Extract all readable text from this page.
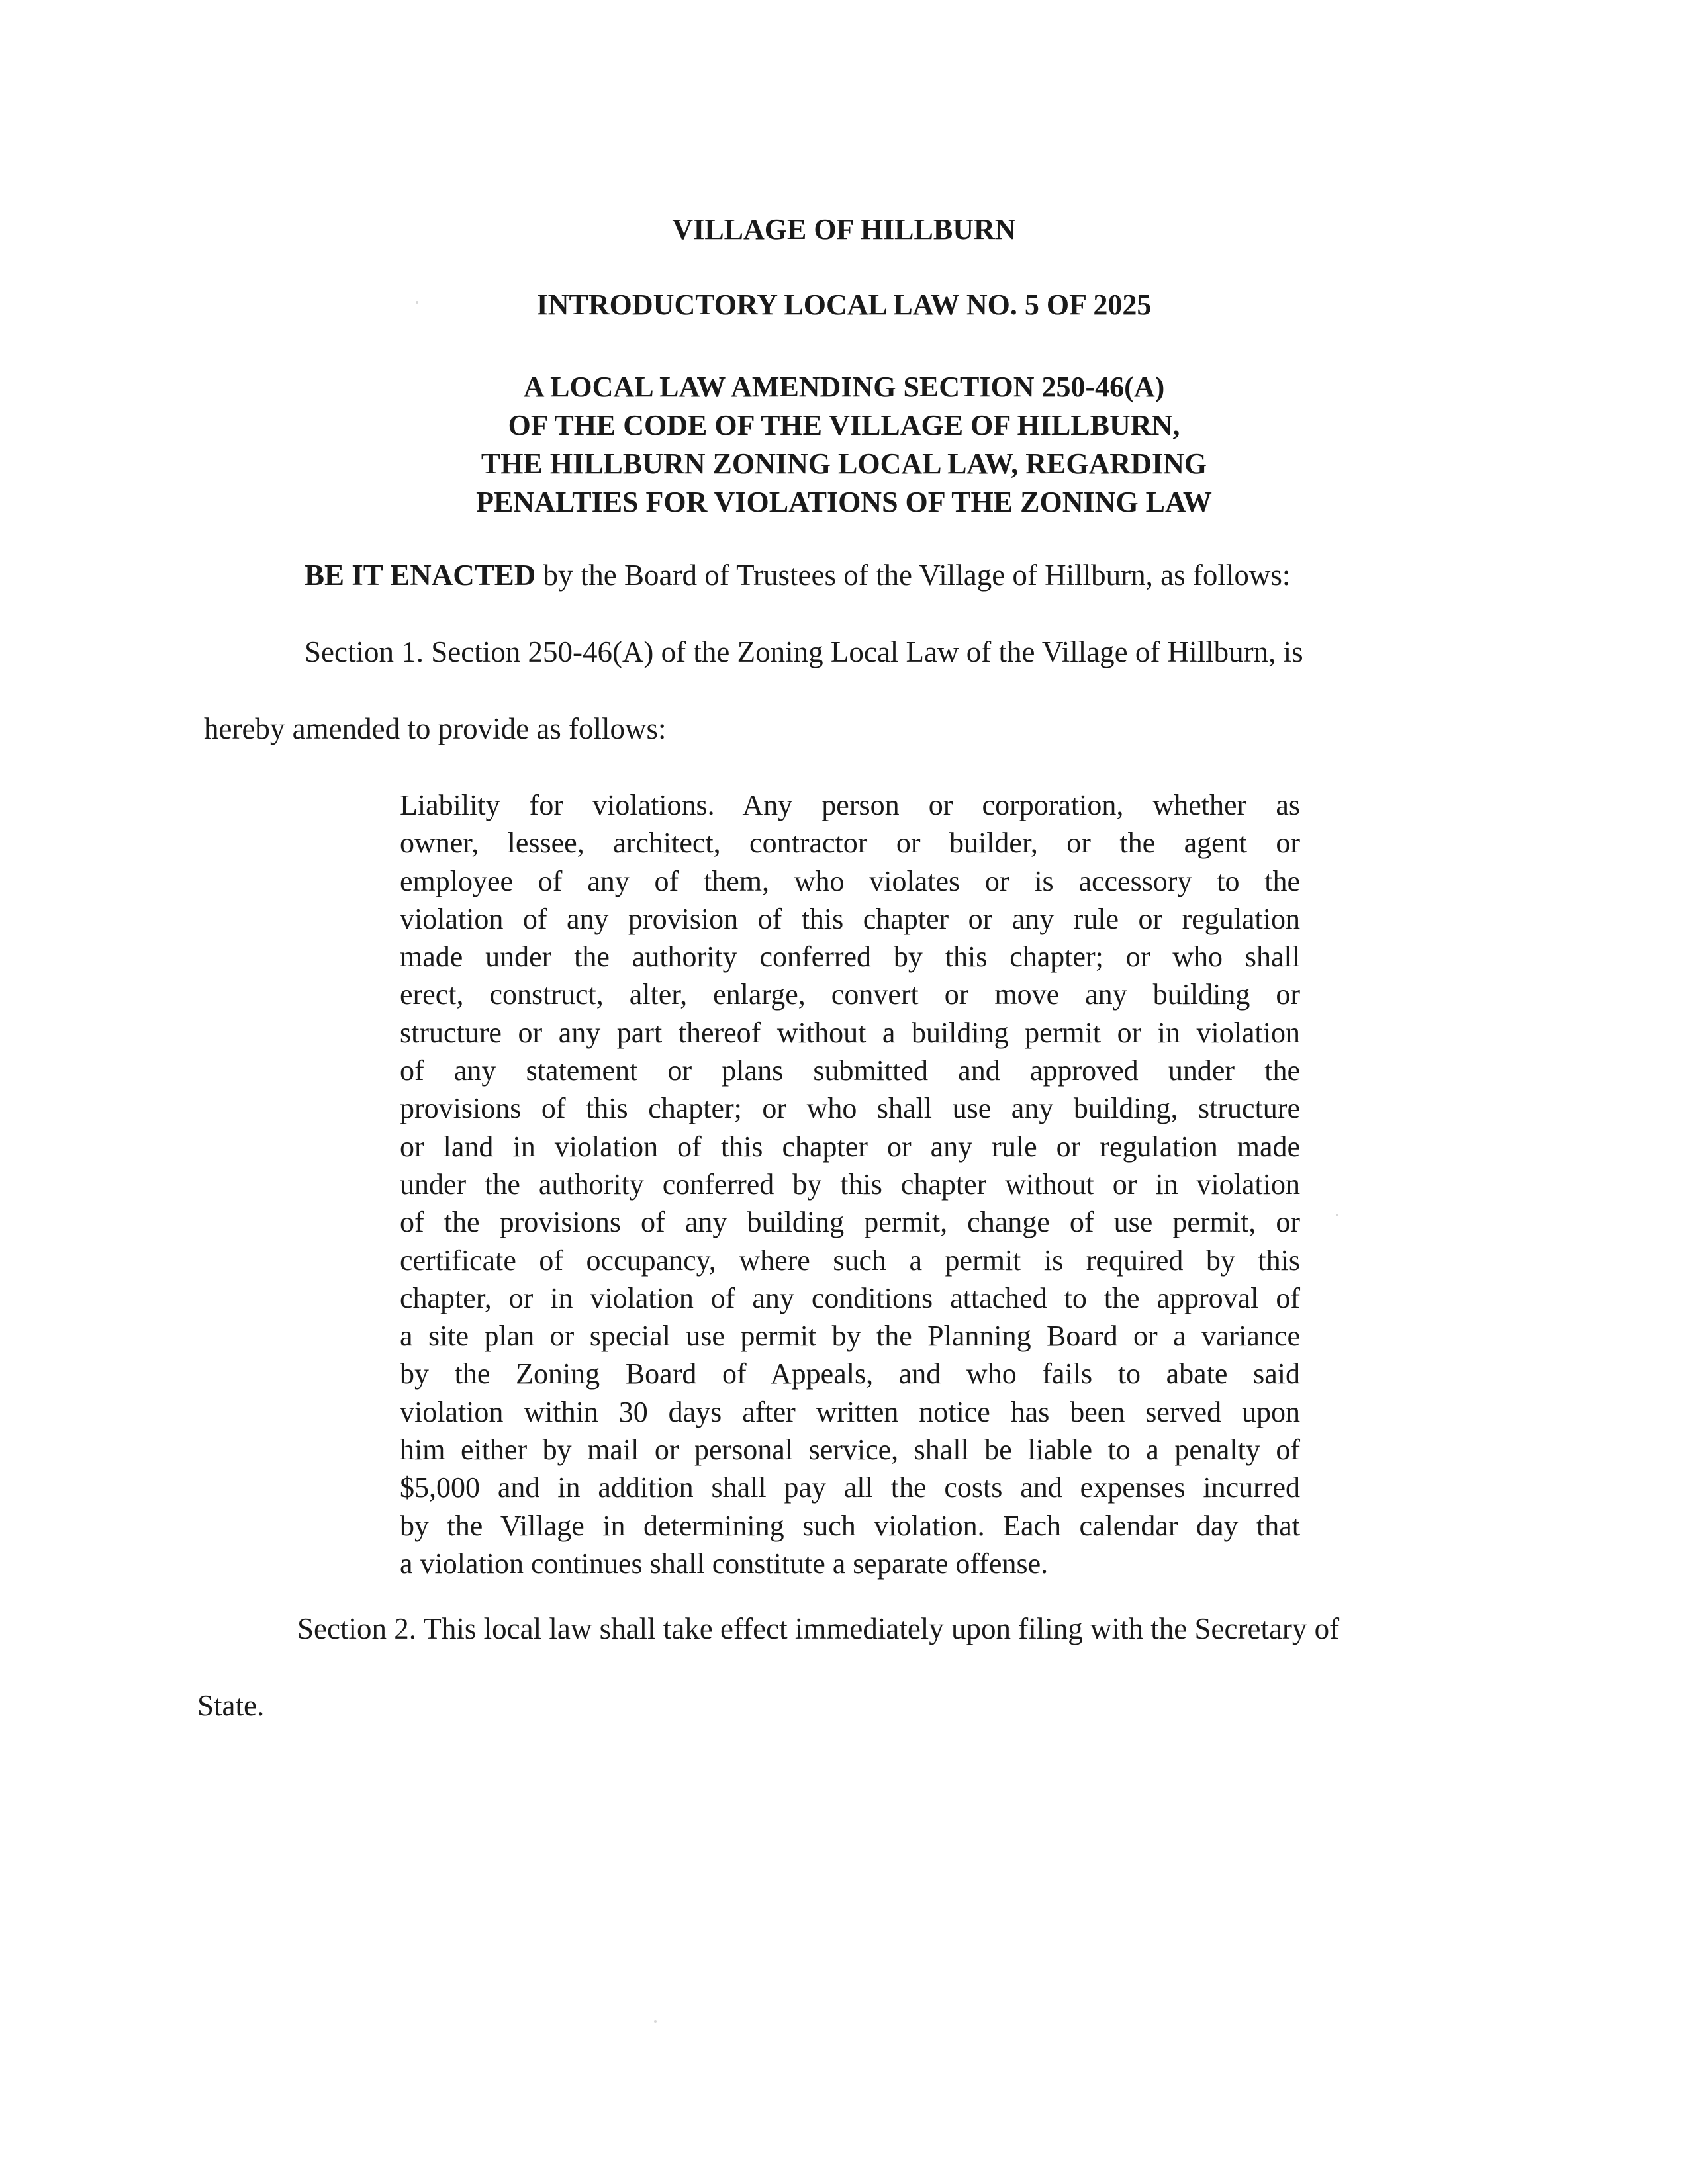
VILLAGE OF HILLBURN
INTRODUCTORY LOCAL LAW NO. 5 OF 2025
A LOCAL LAW AMENDING SECTION 250-46(A)
OF THE CODE OF THE VILLAGE OF HILLBURN,
THE HILLBURN ZONING LOCAL LAW, REGARDING
PENALTIES FOR VIOLATIONS OF THE ZONING LAW
BE IT ENACTED by the Board of Trustees of the Village of Hillburn, as follows:
Section 1. Section 250-46(A) of the Zoning Local Law of the Village of Hillburn, is
hereby amended to provide as follows:
Liability for violations. Any person or corporation, whether as
owner, lessee, architect, contractor or builder, or the agent or
employee of any of them, who violates or is accessory to the
violation of any provision of this chapter or any rule or regulation
made under the authority conferred by this chapter; or who shall
erect, construct, alter, enlarge, convert or move any building or
structure or any part thereof without a building permit or in violation
of any statement or plans submitted and approved under the
provisions of this chapter; or who shall use any building, structure
or land in violation of this chapter or any rule or regulation made
under the authority conferred by this chapter without or in violation
of the provisions of any building permit, change of use permit, or
certificate of occupancy, where such a permit is required by this
chapter, or in violation of any conditions attached to the approval of
a site plan or special use permit by the Planning Board or a variance
by the Zoning Board of Appeals, and who fails to abate said
violation within 30 days after written notice has been served upon
him either by mail or personal service, shall be liable to a penalty of
$5,000 and in addition shall pay all the costs and expenses incurred
by the Village in determining such violation. Each calendar day that
a violation continues shall constitute a separate offense.
Section 2. This local law shall take effect immediately upon filing with the Secretary of
State.
